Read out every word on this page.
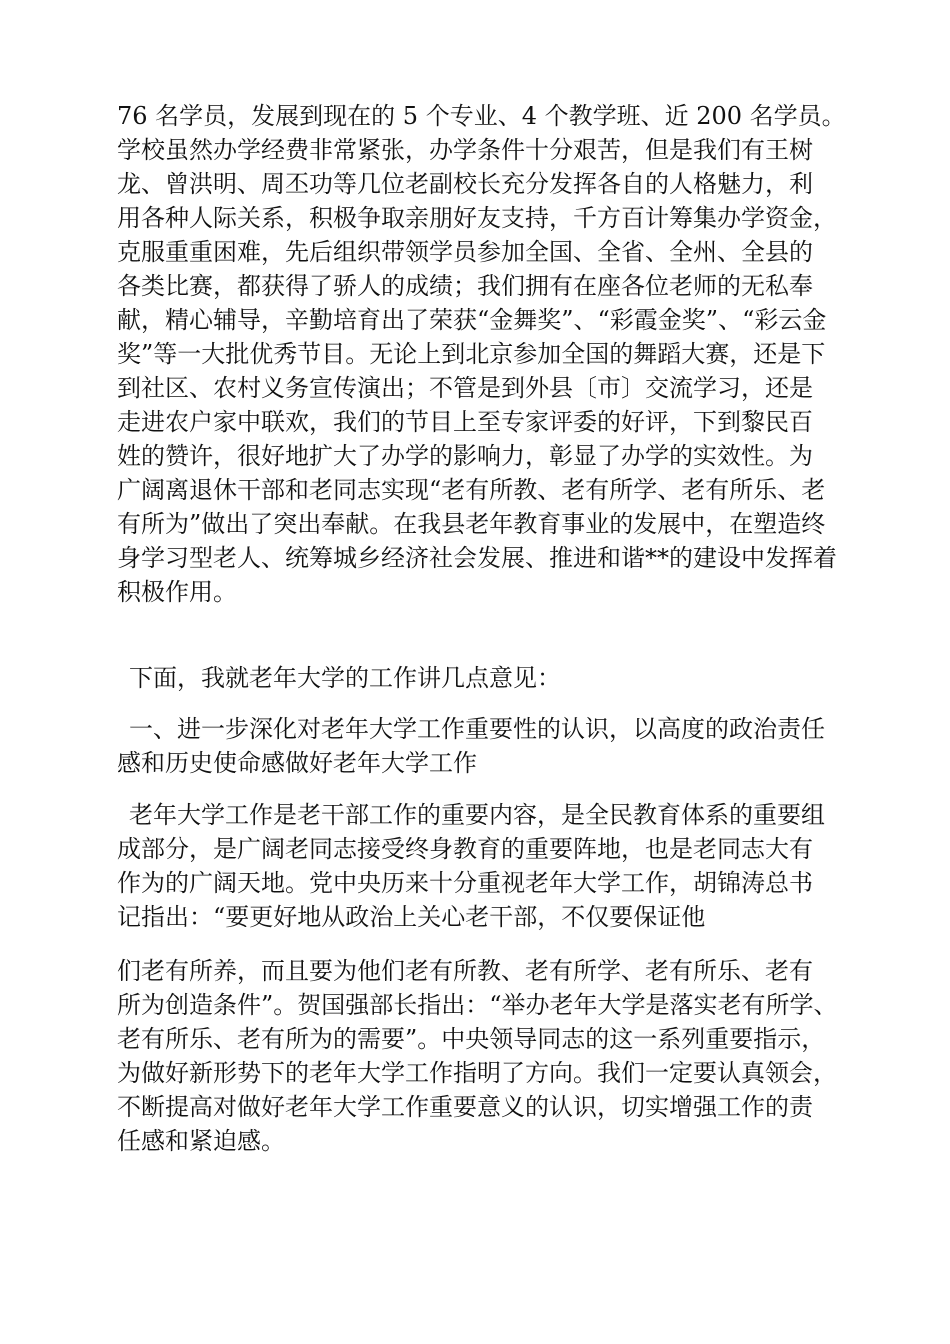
76 名学员，发展到现在的 5 个专业、4 个教学班、近 200 名学员。
学校虽然办学经费非常紧张，办学条件十分艰苦，但是我们有王树
龙、曾洪明、周丕功等几位老副校长充分发挥各自的人格魅力，利
用各种人际关系，积极争取亲朋好友支持，千方百计筹集办学资金，
克服重重困难，先后组织带领学员参加全国、全省、全州、全县的
各类比赛，都获得了骄人的成绩；我们拥有在座各位老师的无私奉
献，精心辅导，辛勤培育出了荣获“金舞奖”、“彩霞金奖”、“彩云金
奖”等一大批优秀节目。无论上到北京参加全国的舞蹈大赛，还是下
到社区、农村义务宣传演出；不管是到外县〔市〕交流学习，还是
走进农户家中联欢，我们的节目上至专家评委的好评，下到黎民百
姓的赞许，很好地扩大了办学的影响力，彰显了办学的实效性。为
广阔离退休干部和老同志实现“老有所教、老有所学、老有所乐、老
有所为”做出了突出奉献。在我县老年教育事业的发展中，在塑造终
身学习型老人、统筹城乡经济社会发展、推进和谐**的建设中发挥着
积极作用。
下面，我就老年大学的工作讲几点意见：
一、进一步深化对老年大学工作重要性的认识，以高度的政治责任
感和历史使命感做好老年大学工作
老年大学工作是老干部工作的重要内容，是全民教育体系的重要组
成部分，是广阔老同志接受终身教育的重要阵地，也是老同志大有
作为的广阔天地。党中央历来十分重视老年大学工作，胡锦涛总书
记指出：“要更好地从政治上关心老干部，不仅要保证他
们老有所养，而且要为他们老有所教、老有所学、老有所乐、老有
所为创造条件”。贺国强部长指出：“举办老年大学是落实老有所学、
老有所乐、老有所为的需要”。中央领导同志的这一系列重要指示，
为做好新形势下的老年大学工作指明了方向。我们一定要认真领会，
不断提高对做好老年大学工作重要意义的认识，切实增强工作的责
任感和紧迫感。
